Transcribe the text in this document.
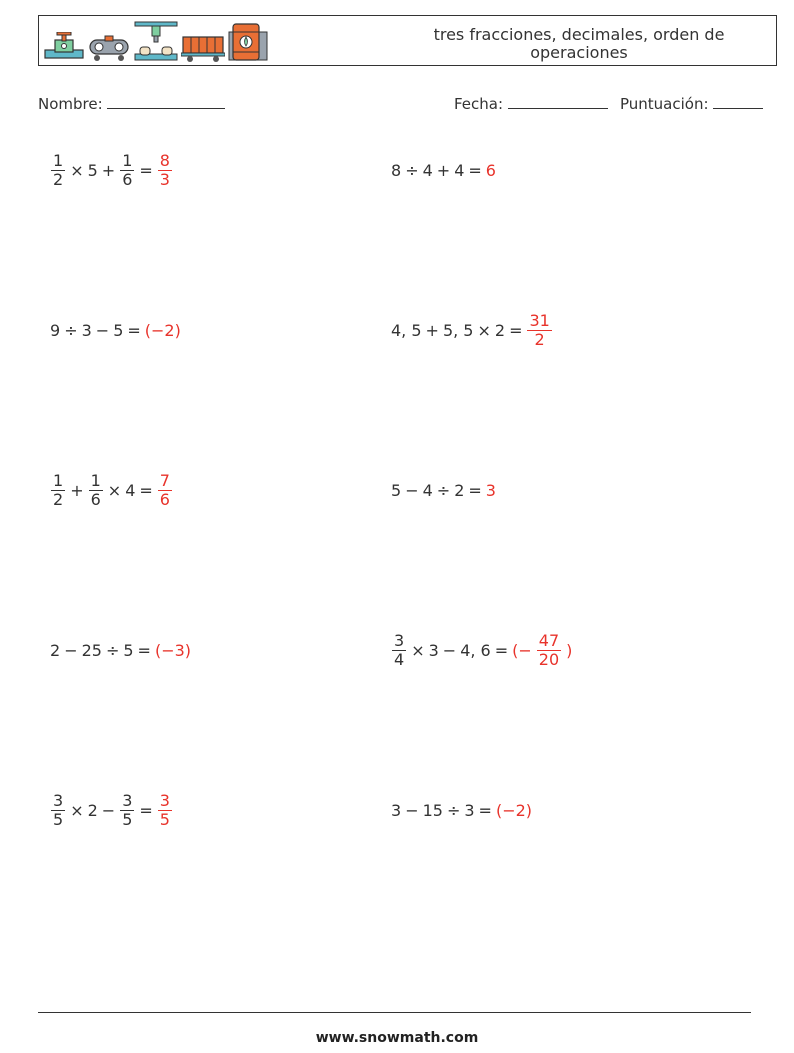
tres fracciones, decimales, orden de operaciones
Nombre:	Fecha:	Puntuación:
$\frac{1}{2} \times 5 + \frac{1}{6} = \frac{8}{3}$	8 ÷ 4 + 4 = 6
9 ÷ 3 − 5 = (−2)	4, 5 + 5, $5 \times 2 = \frac{31}{2}$
$\frac{1}{2} + \frac{1}{6} \times 4 = \frac{7}{6}$	5 − 4 ÷ 2 = 3
2 − 25 ÷ 5 = (−3)	$\frac{3}{4} \times 3 - 4$, 6 = (− $\frac{47}{20}$ )
$\frac{3}{5} \times 2 - \frac{3}{5} = \frac{3}{5}$	3 − 15 ÷ 3 = (−2)
www.snowmath.com
